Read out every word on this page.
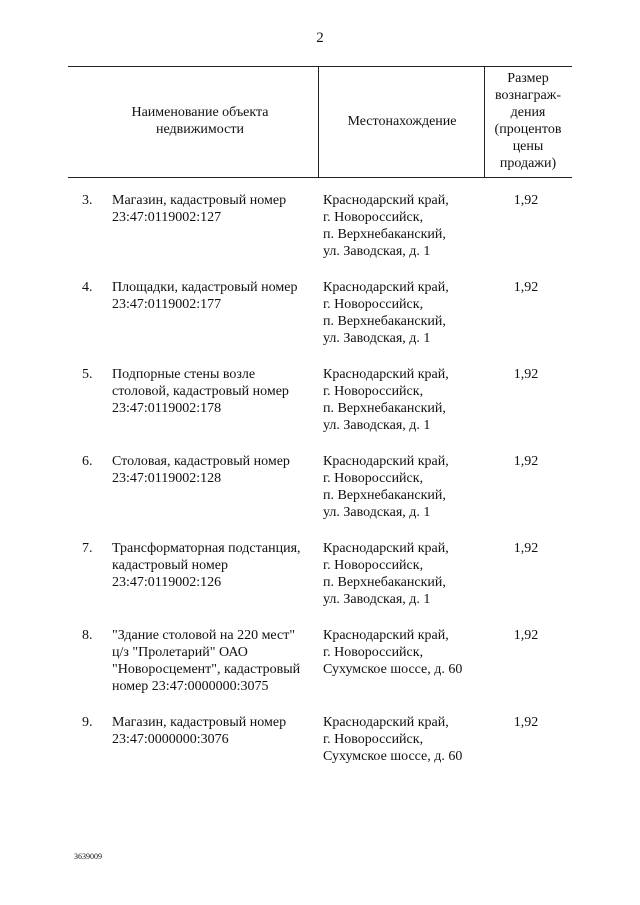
2
Наименование объекта
недвижимости
Местонахождение
Размер
вознаграж-
дения
(процентов
цены
продажи)
3. Магазин, кадастровый номер
23:47:0119002:127
Краснодарский край,
г. Новороссийск,
п. Верхнебаканский,
ул. Заводская, д. 1
1,92
4. Площадки, кадастровый номер
23:47:0119002:177
Краснодарский край,
г. Новороссийск,
п. Верхнебаканский,
ул. Заводская, д. 1
1,92
5. Подпорные стены возле
столовой, кадастровый номер
23:47:0119002:178
Краснодарский край,
г. Новороссийск,
п. Верхнебаканский,
ул. Заводская, д. 1
1,92
6. Столовая, кадастровый номер
23:47:0119002:128
Краснодарский край,
г. Новороссийск,
п. Верхнебаканский,
ул. Заводская, д. 1
1,92
7. Трансформаторная подстанция,
кадастровый номер
23:47:0119002:126
Краснодарский край,
г. Новороссийск,
п. Верхнебаканский,
ул. Заводская, д. 1
1,92
8. "Здание столовой на 220 мест"
ц/з "Пролетарий" ОАО
"Новоросцемент", кадастровый
номер 23:47:0000000:3075
Краснодарский край,
г. Новороссийск,
Сухумское шоссе, д. 60
1,92
9. Магазин, кадастровый номер
23:47:0000000:3076
Краснодарский край,
г. Новороссийск,
Сухумское шоссе, д. 60
1,92
3639009
